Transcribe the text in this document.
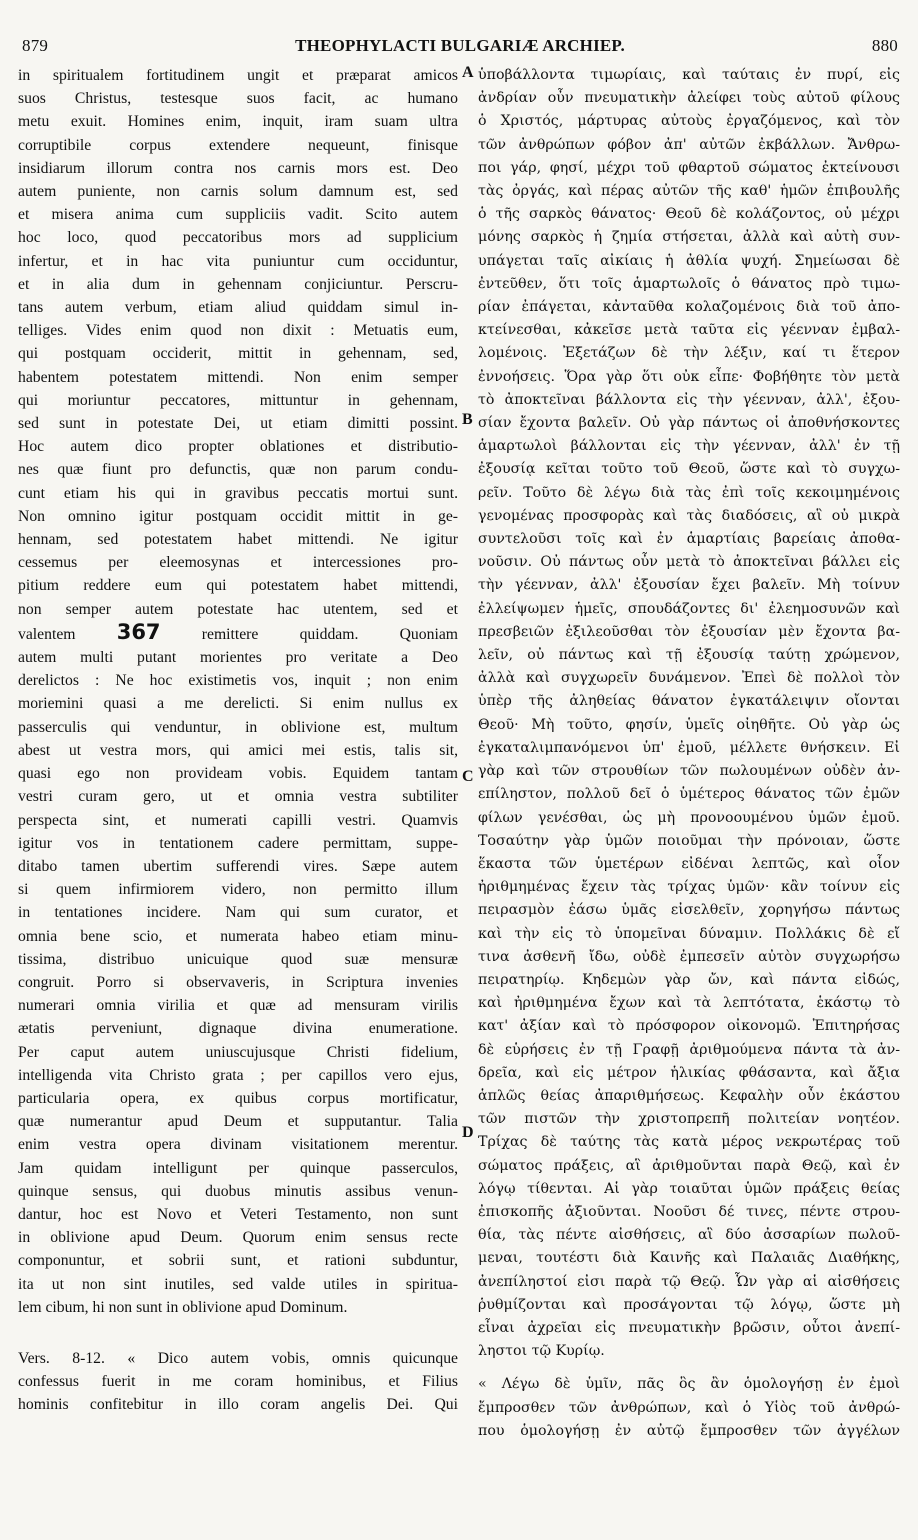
879	THEOPHYLACTI BULGARIÆ ARCHIEP.	880
in spiritualem fortitudinem ungit et præparat amicos
suos Christus, testesque suos facit, ac humano
metu exuit. Homines enim, inquit, iram suam ultra
corruptibile corpus extendere nequeunt, finisque
insidiarum illorum contra nos carnis mors est. Deo
autem puniente, non carnis solum damnum est, sed
et misera anima cum suppliciis vadit. Scito autem
hoc loco, quod peccatoribus mors ad supplicium
infertur, et in hac vita puniuntur cum occiduntur,
et in alia dum in gehennam conjiciuntur. Perscru-
tans autem verbum, etiam aliud quiddam simul in-
telliges. Vides enim quod non dixit : Metuatis eum,
qui postquam occiderit, mittit in gehennam, sed,
habentem potestatem mittendi. Non enim semper
qui moriuntur peccatores, mittuntur in gehennam,
sed sunt in potestate Dei, ut etiam dimitti possint.
Hoc autem dico propter oblationes et distributio-
nes quæ fiunt pro defunctis, quæ non parum condu-
cunt etiam his qui in gravibus peccatis mortui sunt.
Non omnino igitur postquam occidit mittit in ge-
hennam, sed potestatem habet mittendi. Ne igitur
cessemus per eleemosynas et intercessiones pro-
pitium reddere eum qui potestatem habet mittendi,
non semper autem potestate hac utentem, sed et
valentem 367 remittere quiddam. Quoniam
autem multi putant morientes pro veritate a Deo
derelictos : Ne hoc existimetis vos, inquit ; non enim
moriemini quasi a me derelicti. Si enim nullus ex
passerculis qui venduntur, in oblivione est, multum
abest ut vestra mors, qui amici mei estis, talis sit,
quasi ego non provideam vobis. Equidem tantam
vestri curam gero, ut et omnia vestra subtiliter
perspecta sint, et numerati capilli vestri. Quamvis
igitur vos in tentationem cadere permittam, suppe-
ditabo tamen ubertim sufferendi vires. Sæpe autem
si quem infirmiorem videro, non permitto illum
in tentationes incidere. Nam qui sum curator, et
omnia bene scio, et numerata habeo etiam minu-
tissima, distribuo unicuique quod suæ mensuræ
congruit. Porro si observaveris, in Scriptura invenies
numerari omnia virilia et quæ ad mensuram virilis
ætatis perveniunt, dignaque divina enumeratione.
Per caput autem uniuscujusque Christi fidelium,
intelligenda vita Christo grata ; per capillos vero ejus,
particularia opera, ex quibus corpus mortificatur,
quæ numerantur apud Deum et supputantur. Talia
enim vestra opera divinam visitationem merentur.
Jam quidam intelligunt per quinque passerculos,
quinque sensus, qui duobus minutis assibus venun-
dantur, hoc est Novo et Veteri Testamento, non sunt
in oblivione apud Deum. Quorum enim sensus recte
componuntur, et sobrii sunt, et rationi subduntur,
ita ut non sint inutiles, sed valde utiles in spiritua-
lem cibum, hi non sunt in oblivione apud Dominum.
Vers. 8-12. « Dico autem vobis, omnis quicunque
confessus fuerit in me coram hominibus, et Filius
hominis confitebitur in illo coram angelis Dei. Qui
ὑποβάλλοντα τιμωρίαις, καὶ ταύταις ἐν πυρί, εἰς
ἀνδρίαν οὖν πνευματικὴν ἀλείφει τοὺς αὐτοῦ φίλους
ὁ Χριστός, μάρτυρας αὐτοὺς ἐργαζόμενος, καὶ τὸν
τῶν ἀνθρώπων φόβον ἀπ' αὐτῶν ἐκβάλλων. Ἄνθρω-
ποι γάρ, φησί, μέχρι τοῦ φθαρτοῦ σώματος ἐκτείνουσι
τὰς ὀργάς, καὶ πέρας αὐτῶν τῆς καθ' ἡμῶν ἐπιβουλῆς
ὁ τῆς σαρκὸς θάνατος· Θεοῦ δὲ κολάζοντος, οὐ μέχρι
μόνης σαρκὸς ἡ ζημία στήσεται, ἀλλὰ καὶ αὐτὴ συν-
υπάγεται ταῖς αἰκίαις ἡ ἀθλία ψυχή. Σημείωσαι δὲ
ἐντεῦθεν, ὅτι τοῖς ἁμαρτωλοῖς ὁ θάνατος πρὸ τιμω-
ρίαν ἐπάγεται, κἀνταῦθα κολαζομένοις διὰ τοῦ ἀπο-
κτείνεσθαι, κἀκεῖσε μετὰ ταῦτα εἰς γέενναν ἐμβαλ-
λομένοις. Ἐξετάζων δὲ τὴν λέξιν, καί τι ἕτερον
ἐννοήσεις. Ὅρα γὰρ ὅτι οὐκ εἶπε· Φοβήθητε τὸν μετὰ
τὸ ἀποκτεῖναι βάλλοντα εἰς τὴν γέενναν, ἀλλ', ἐξου-
σίαν ἔχοντα βαλεῖν. Οὐ γὰρ πάντως οἱ ἀποθνήσκοντες
ἁμαρτωλοὶ βάλλονται εἰς τὴν γέενναν, ἀλλ' ἐν τῇ
ἐξουσίᾳ κεῖται τοῦτο τοῦ Θεοῦ, ὥστε καὶ τὸ συγχω-
ρεῖν. Τοῦτο δὲ λέγω διὰ τὰς ἐπὶ τοῖς κεκοιμημένοις
γενομένας προσφορὰς καὶ τὰς διαδόσεις, αἳ οὐ μικρὰ
συντελοῦσι τοῖς καὶ ἐν ἁμαρτίαις βαρείαις ἀποθα-
νοῦσιν. Οὐ πάντως οὖν μετὰ τὸ ἀποκτεῖναι βάλλει εἰς
τὴν γέενναν, ἀλλ' ἐξουσίαν ἔχει βαλεῖν. Μὴ τοίνυν
ἐλλείψωμεν ἡμεῖς, σπουδάζοντες δι' ἐλεημοσυνῶν καὶ
πρεσβειῶν ἐξιλεοῦσθαι τὸν ἐξουσίαν μὲν ἔχοντα βα-
λεῖν, οὐ πάντως καὶ τῇ ἐξουσίᾳ ταύτῃ χρώμενον,
ἀλλὰ καὶ συγχωρεῖν δυνάμενον. Ἐπεὶ δὲ πολλοὶ τὸν
ὑπὲρ τῆς ἀληθείας θάνατον ἐγκατάλειψιν οἴονται
Θεοῦ· Μὴ τοῦτο, φησίν, ὑμεῖς οἰηθῆτε. Οὐ γὰρ ὡς
ἐγκαταλιμπανόμενοι ὑπ' ἐμοῦ, μέλλετε θνήσκειν. Εἰ
γὰρ καὶ τῶν στρουθίων τῶν πωλουμένων οὐδὲν ἀν-
επίληστον, πολλοῦ δεῖ ὁ ὑμέτερος θάνατος τῶν ἐμῶν
φίλων γενέσθαι, ὡς μὴ προνοουμένου ὑμῶν ἐμοῦ.
Τοσαύτην γὰρ ὑμῶν ποιοῦμαι τὴν πρόνοιαν, ὥστε
ἕκαστα τῶν ὑμετέρων εἰδέναι λεπτῶς, καὶ οἷον
ἠριθμημένας ἔχειν τὰς τρίχας ὑμῶν· κἂν τοίνυν εἰς
πειρασμὸν ἐάσω ὑμᾶς εἰσελθεῖν, χορηγήσω πάντως
καὶ τὴν εἰς τὸ ὑπομεῖναι δύναμιν. Πολλάκις δὲ εἴ
τινα ἀσθενῆ ἴδω, οὐδὲ ἐμπεσεῖν αὐτὸν συγχωρήσω
πειρατηρίῳ. Κηδεμὼν γὰρ ὤν, καὶ πάντα εἰδώς,
καὶ ἠριθμημένα ἔχων καὶ τὰ λεπτότατα, ἑκάστῳ τὸ
κατ' ἀξίαν καὶ τὸ πρόσφορον οἰκονομῶ. Ἐπιτηρήσας
δὲ εὑρήσεις ἐν τῇ Γραφῇ ἀριθμούμενα πάντα τὰ ἀν-
δρεῖα, καὶ εἰς μέτρον ἡλικίας φθάσαντα, καὶ ἄξια
ἁπλῶς θείας ἀπαριθμήσεως. Κεφαλὴν οὖν ἑκάστου
τῶν πιστῶν τὴν χριστοπρεπῆ πολιτείαν νοητέον.
Τρίχας δὲ ταύτης τὰς κατὰ μέρος νεκρωτέρας τοῦ
σώματος πράξεις, αἳ ἀριθμοῦνται παρὰ Θεῷ, καὶ ἐν
λόγῳ τίθενται. Αἱ γὰρ τοιαῦται ὑμῶν πράξεις θείας
ἐπισκοπῆς ἀξιοῦνται. Νοοῦσι δέ τινες, πέντε στρου-
θία, τὰς πέντε αἰσθήσεις, αἳ δύο ἀσσαρίων πωλοῦ-
μεναι, τουτέστι διὰ Καινῆς καὶ Παλαιᾶς Διαθήκης,
ἀνεπίληστοί εἰσι παρὰ τῷ Θεῷ. Ὧν γὰρ αἱ αἰσθήσεις
ῥυθμίζονται καὶ προσάγονται τῷ λόγῳ, ὥστε μὴ
εἶναι ἀχρεῖαι εἰς πνευματικὴν βρῶσιν, οὗτοι ἀνεπί-
ληστοι τῷ Κυρίῳ.
« Λέγω δὲ ὑμῖν, πᾶς ὃς ἂν ὁμολογήσῃ ἐν ἐμοὶ
ἔμπροσθεν τῶν ἀνθρώπων, καὶ ὁ Υἱὸς τοῦ ἀνθρώ-
που ὁμολογήσῃ ἐν αὐτῷ ἔμπροσθεν τῶν ἀγγέλων
A
B
C
D
